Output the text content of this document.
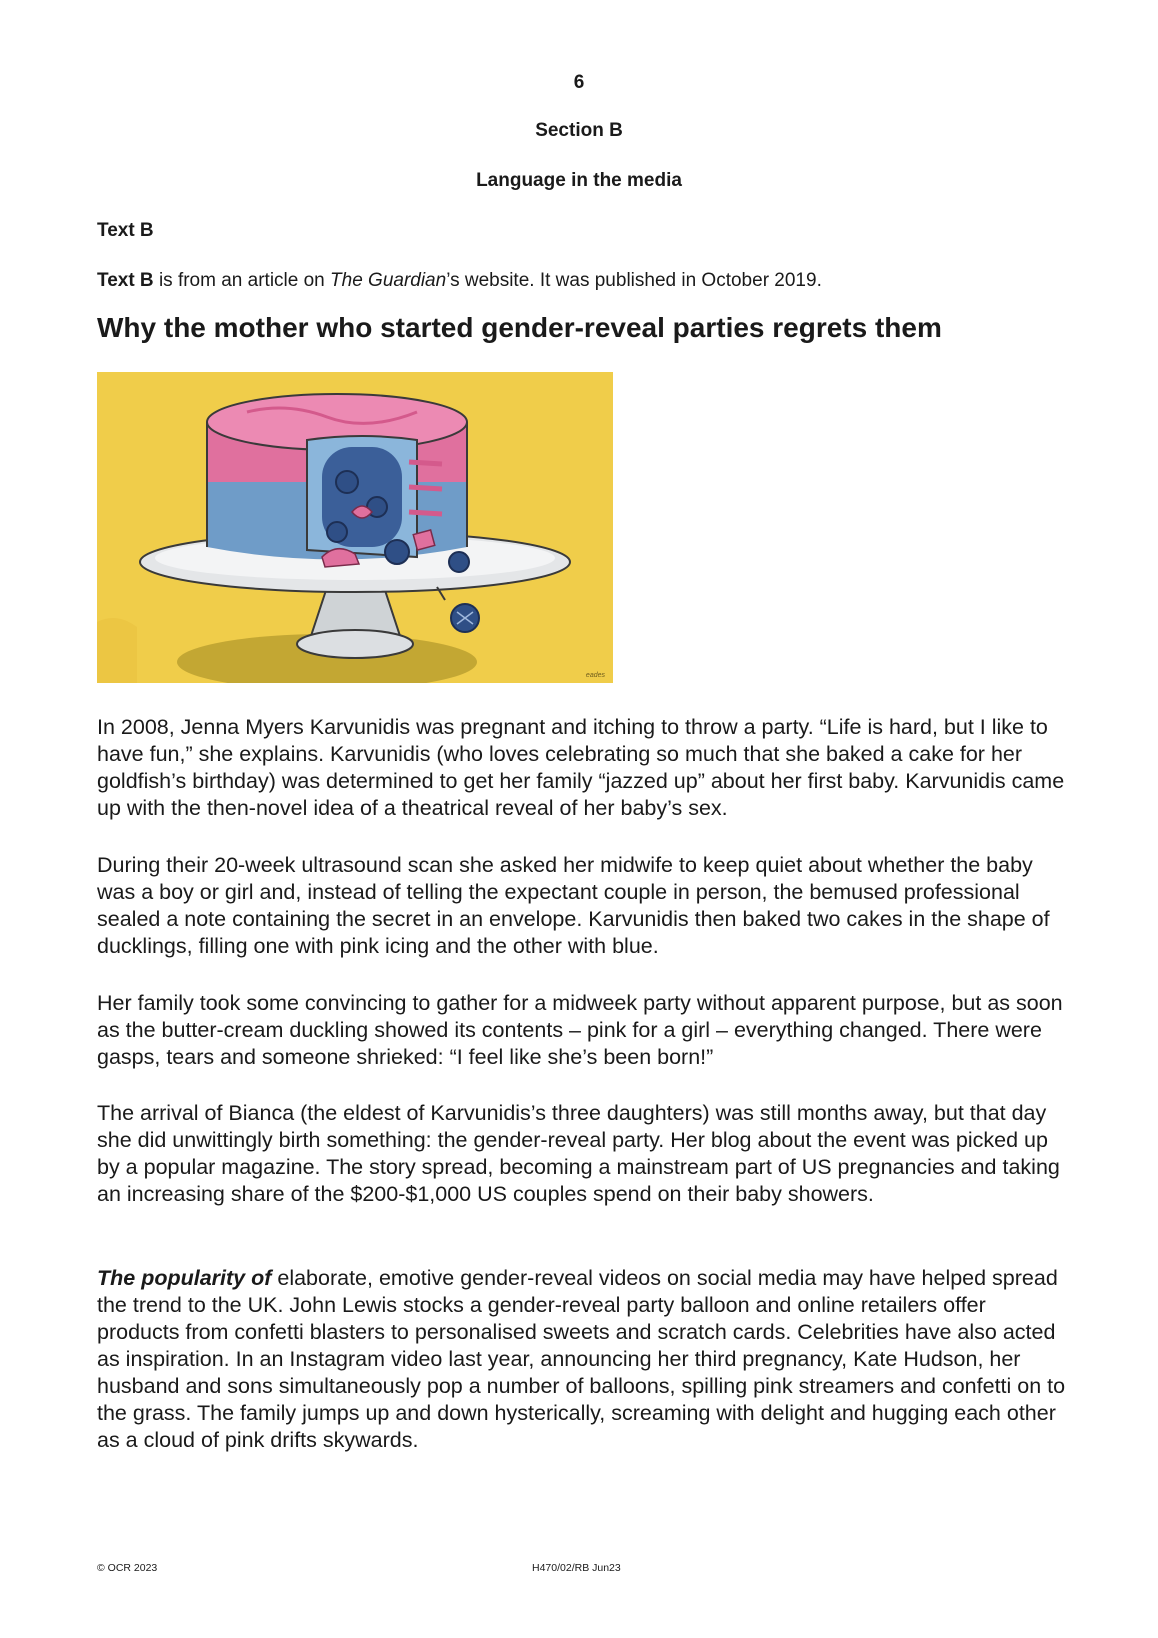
6
Section B
Language in the media
Text B
Text B is from an article on The Guardian’s website. It was published in October 2019.
Why the mother who started gender-reveal parties regrets them
eades

In 2008, Jenna Myers Karvunidis was pregnant and itching to throw a party. “Life is hard, but I like to have fun,” she explains. Karvunidis (who loves celebrating so much that she baked a cake for her goldfish’s birthday) was determined to get her family “jazzed up” about her first baby. Karvunidis came up with the then-novel idea of a theatrical reveal of her baby’s sex.

During their 20-week ultrasound scan she asked her midwife to keep quiet about whether the baby was a boy or girl and, instead of telling the expectant couple in person, the bemused professional sealed a note containing the secret in an envelope. Karvunidis then baked two cakes in the shape of ducklings, filling one with pink icing and the other with blue.

Her family took some convincing to gather for a midweek party without apparent purpose, but as soon as the butter-cream duckling showed its contents – pink for a girl – everything changed. There were gasps, tears and someone shrieked: “I feel like she’s been born!”

The arrival of Bianca (the eldest of Karvunidis’s three daughters) was still months away, but that day she did unwittingly birth something: the gender-reveal party. Her blog about the event was picked up by a popular magazine. The story spread, becoming a mainstream part of US pregnancies and taking an increasing share of the $200-$1,000 US couples spend on their baby showers.

The popularity of elaborate, emotive gender-reveal videos on social media may have helped spread the trend to the UK. John Lewis stocks a gender-reveal party balloon and online retailers offer products from confetti blasters to personalised sweets and scratch cards. Celebrities have also acted as inspiration. In an Instagram video last year, announcing her third pregnancy, Kate Hudson, her husband and sons simultaneously pop a number of balloons, spilling pink streamers and confetti on to the grass. The family jumps up and down hysterically, screaming with delight and hugging each other as a cloud of pink drifts skywards.

© OCR 2023	H470/02/RB Jun23
